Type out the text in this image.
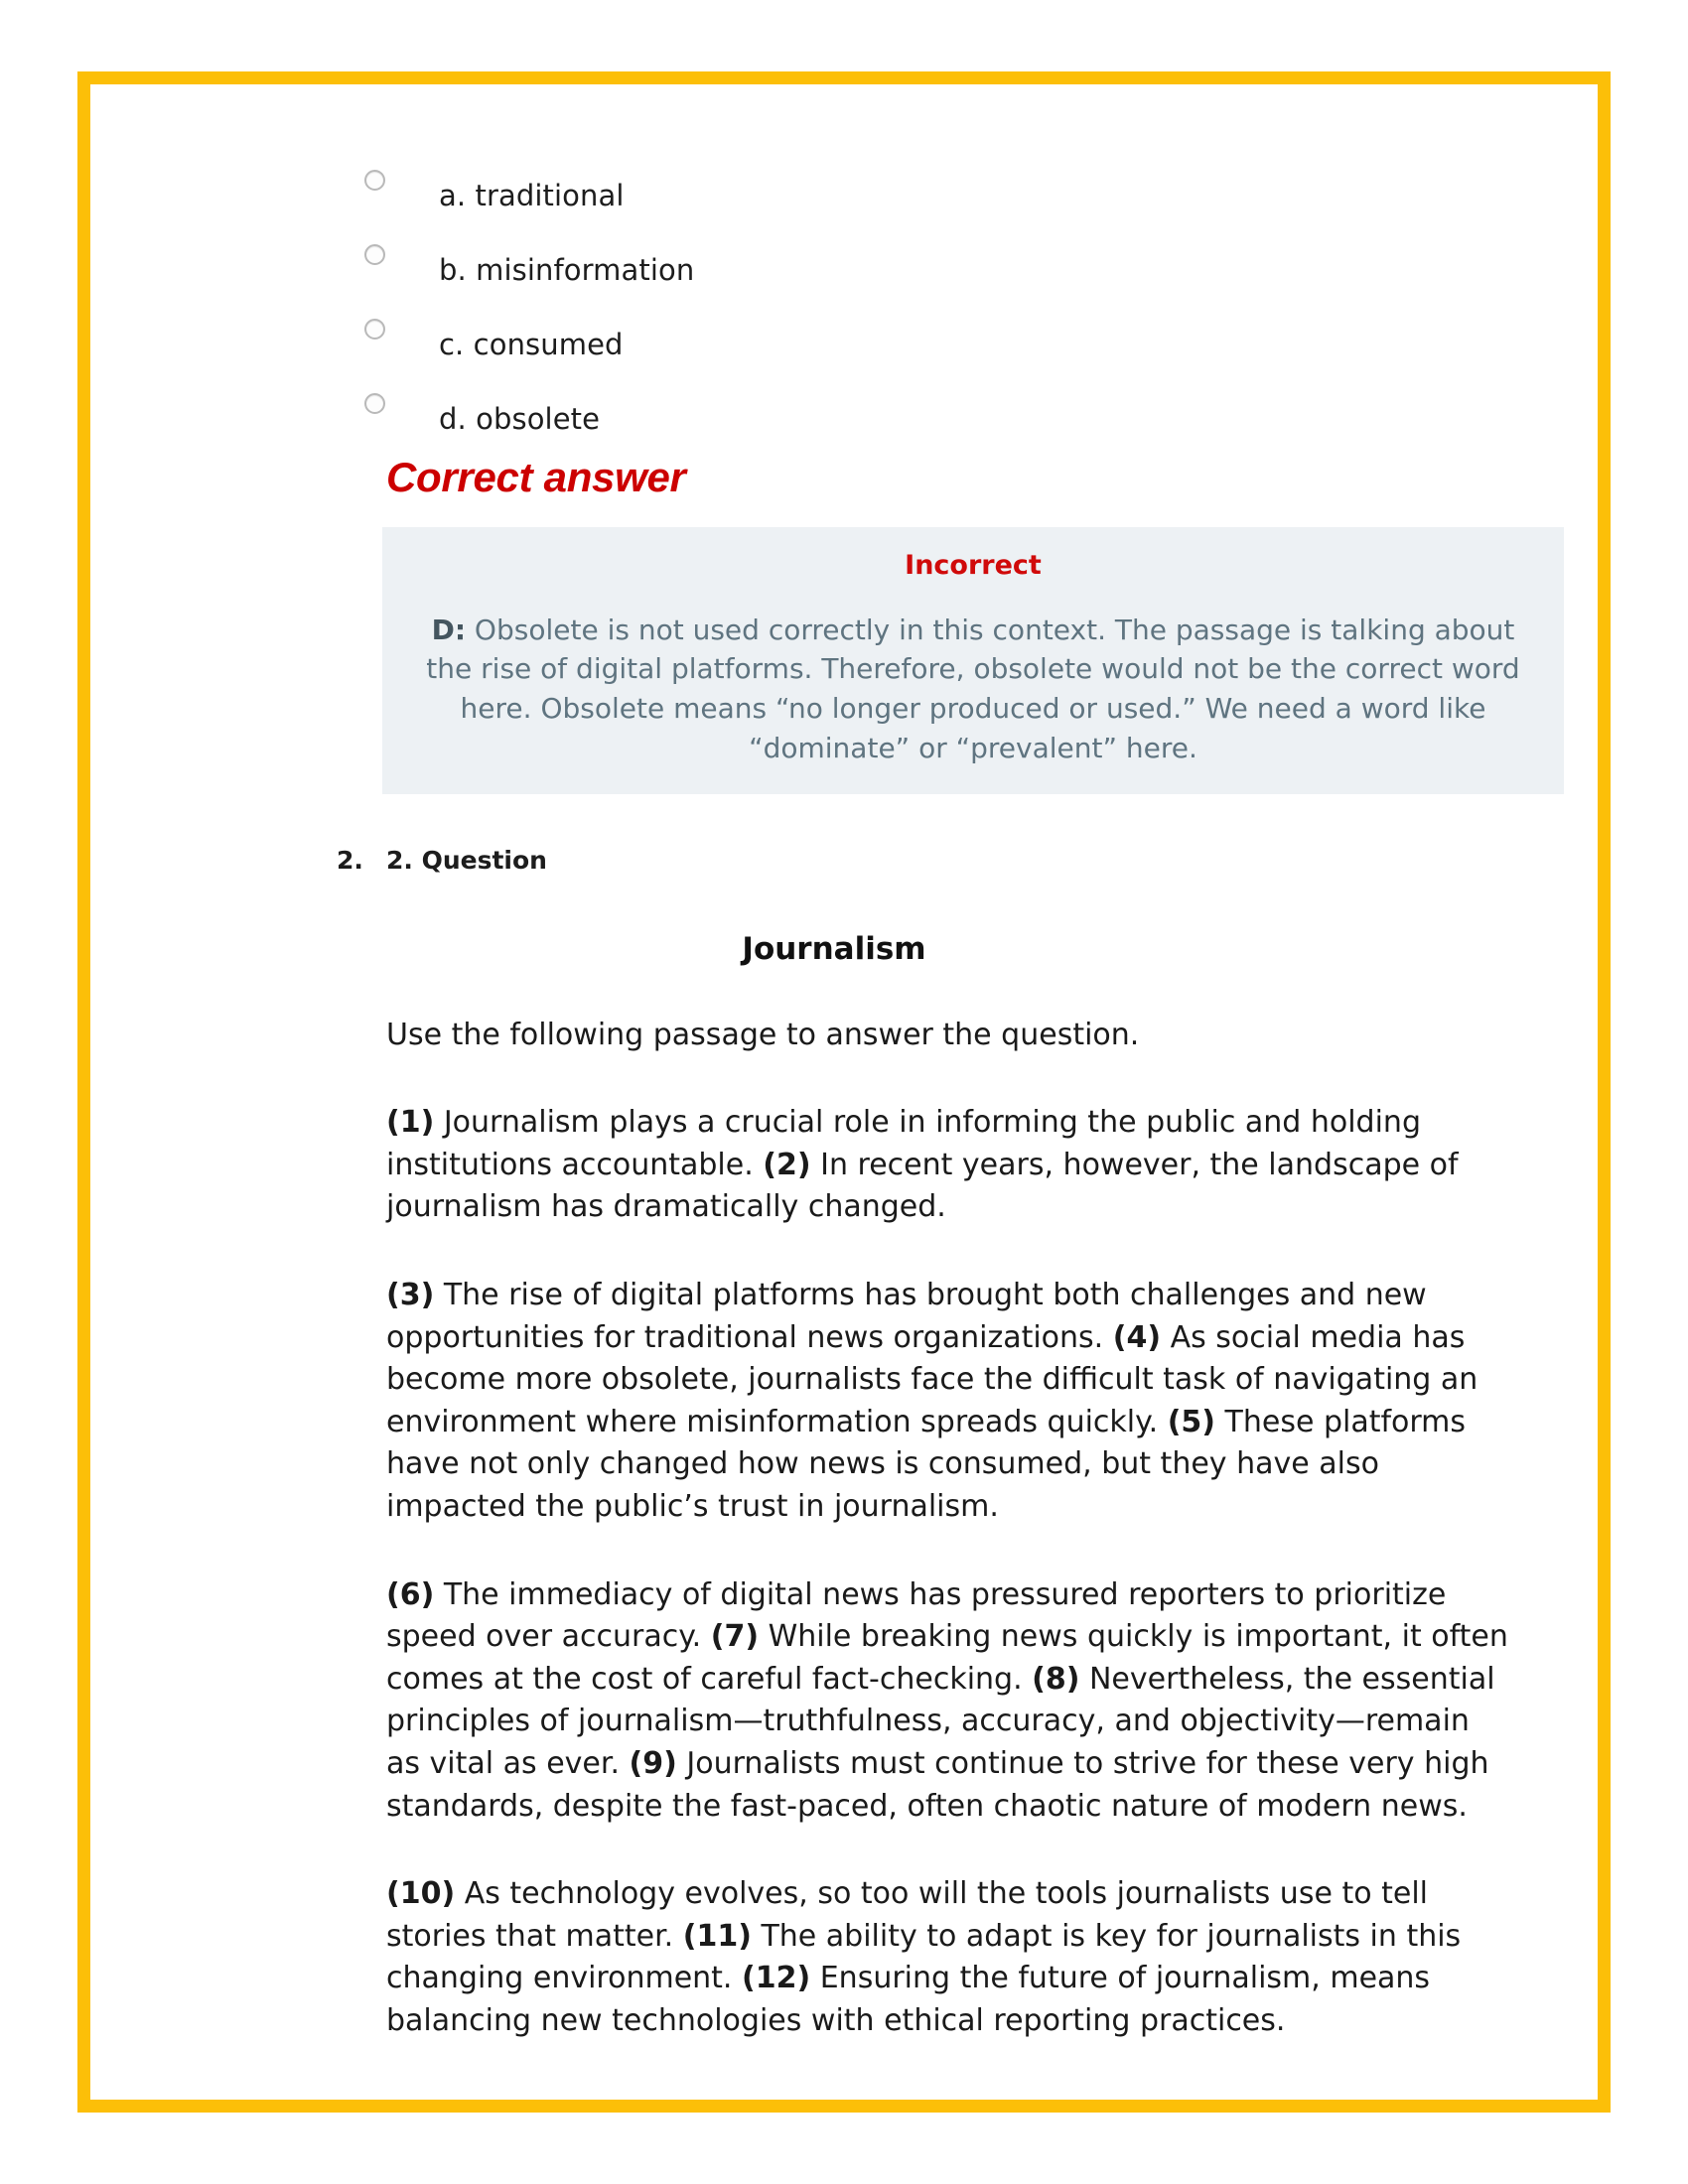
a. traditional
b. misinformation
c. consumed
d. obsolete
Correct answer
Incorrect

D: Obsolete is not used correctly in this context. The passage is talking about the rise of digital platforms. Therefore, obsolete would not be the correct word here. Obsolete means “no longer produced or used.” We need a word like “dominate” or “prevalent” here.

2. 2. Question
Journalism

Use the following passage to answer the question.

(1) Journalism plays a crucial role in informing the public and holding institutions accountable. (2) In recent years, however, the landscape of journalism has dramatically changed.

(3) The rise of digital platforms has brought both challenges and new opportunities for traditional news organizations. (4) As social media has become more obsolete, journalists face the difficult task of navigating an environment where misinformation spreads quickly. (5) These platforms have not only changed how news is consumed, but they have also impacted the public’s trust in journalism.

(6) The immediacy of digital news has pressured reporters to prioritize speed over accuracy. (7) While breaking news quickly is important, it often comes at the cost of careful fact-checking. (8) Nevertheless, the essential principles of journalism—truthfulness, accuracy, and objectivity—remain as vital as ever. (9) Journalists must continue to strive for these very high standards, despite the fast-paced, often chaotic nature of modern news.

(10) As technology evolves, so too will the tools journalists use to tell stories that matter. (11) The ability to adapt is key for journalists in this changing environment. (12) Ensuring the future of journalism, means balancing new technologies with ethical reporting practices.
